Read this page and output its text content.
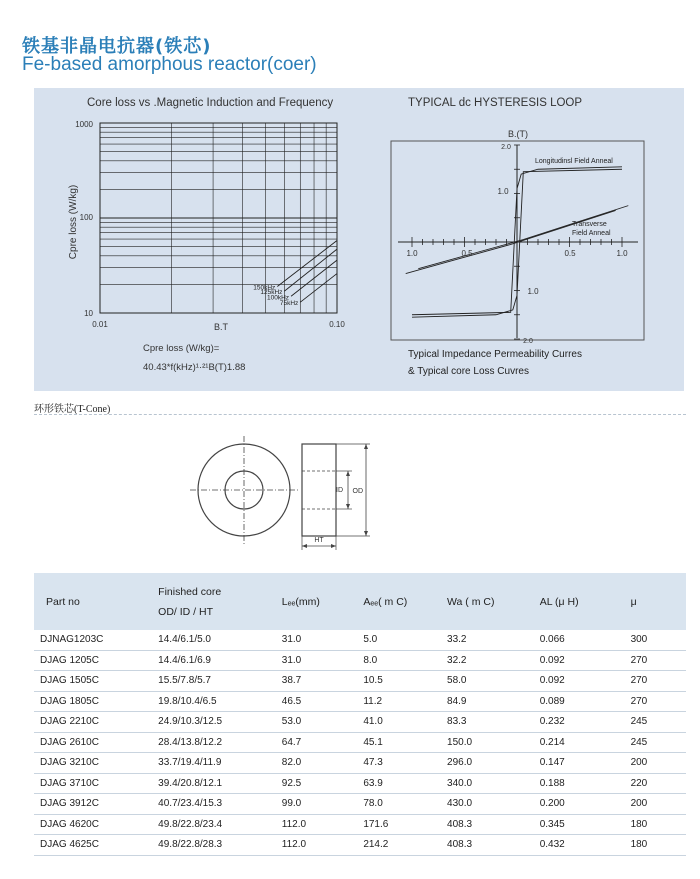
铁基非晶电抗器(铁芯)
Fe-based amorphous reactor(coer)
Core loss vs .Magnetic Induction and Frequency
150kHz
125kHz
100kHz
75kHz
1000
100
10
0.01	0.10
B.T
Cpre loss (W/kg)
Cpre loss (W/kg)=
40.43*f(kHz)¹·²¹B(T)1.88
TYPICAL dc HYSTERESIS LOOP
B.(T)
2.0
1.0
1.0
2.0
1.0	0.5	0.5	1.0
Longitudinsl Field Anneal
Transverse
Field Anneal
Typical Impedance Permeability Curres
& Typical core Loss Cuvres
环形铁芯(T-Cone)
ID OD
HT
Part no	Finished core
OD/ ID / HT	Lₑₑ(mm)	Aₑₑ( m C)	Wa ( m C)	AL (μ H)	μ
DJNAG1203C	14.4/6.1/5.0	31.0	5.0	33.2	0.066	300
DJAG 1205C	14.4/6.1/6.9	31.0	8.0	32.2	0.092	270
DJAG 1505C	15.5/7.8/5.7	38.7	10.5	58.0	0.092	270
DJAG 1805C	19.8/10.4/6.5	46.5	11.2	84.9	0.089	270
DJAG 2210C	24.9/10.3/12.5	53.0	41.0	83.3	0.232	245
DJAG 2610C	28.4/13.8/12.2	64.7	45.1	150.0	0.214	245
DJAG 3210C	33.7/19.4/11.9	82.0	47.3	296.0	0.147	200
DJAG 3710C	39.4/20.8/12.1	92.5	63.9	340.0	0.188	220
DJAG 3912C	40.7/23.4/15.3	99.0	78.0	430.0	0.200	200
DJAG 4620C	49.8/22.8/23.4	112.0	171.6	408.3	0.345	180
DJAG 4625C	49.8/22.8/28.3	112.0	214.2	408.3	0.432	180
